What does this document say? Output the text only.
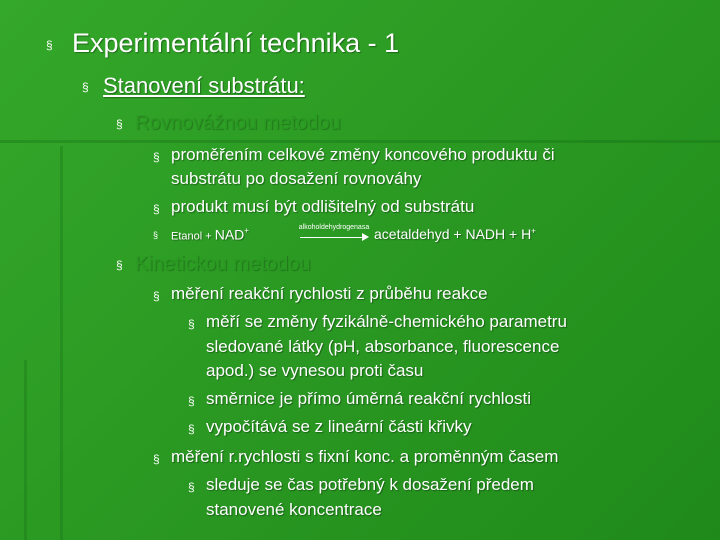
§ Experimentální technika - 1
§ Stanovení substrátu:
§ Rovnovážnou metodou
§ proměřením celkové změny koncového produktu či
substrátu po dosažení rovnováhy
§ produkt musí být odlišitelný od substrátu
§ Etanol + NAD+	alkoholdehydrogenasa acetaldehyd + NADH + H+
§ Kinetickou metodou
§ měření reakční rychlosti z průběhu reakce
§ měří se změny fyzikálně-chemického parametru
sledované látky (pH, absorbance, fluorescence
apod.) se vynesou proti času
§ směrnice je přímo úměrná reakční rychlosti
§ vypočítává se z lineární části křivky
§ měření r.rychlosti s fixní konc. a proměnným časem
§ sleduje se čas potřebný k dosažení předem
stanovené koncentrace
